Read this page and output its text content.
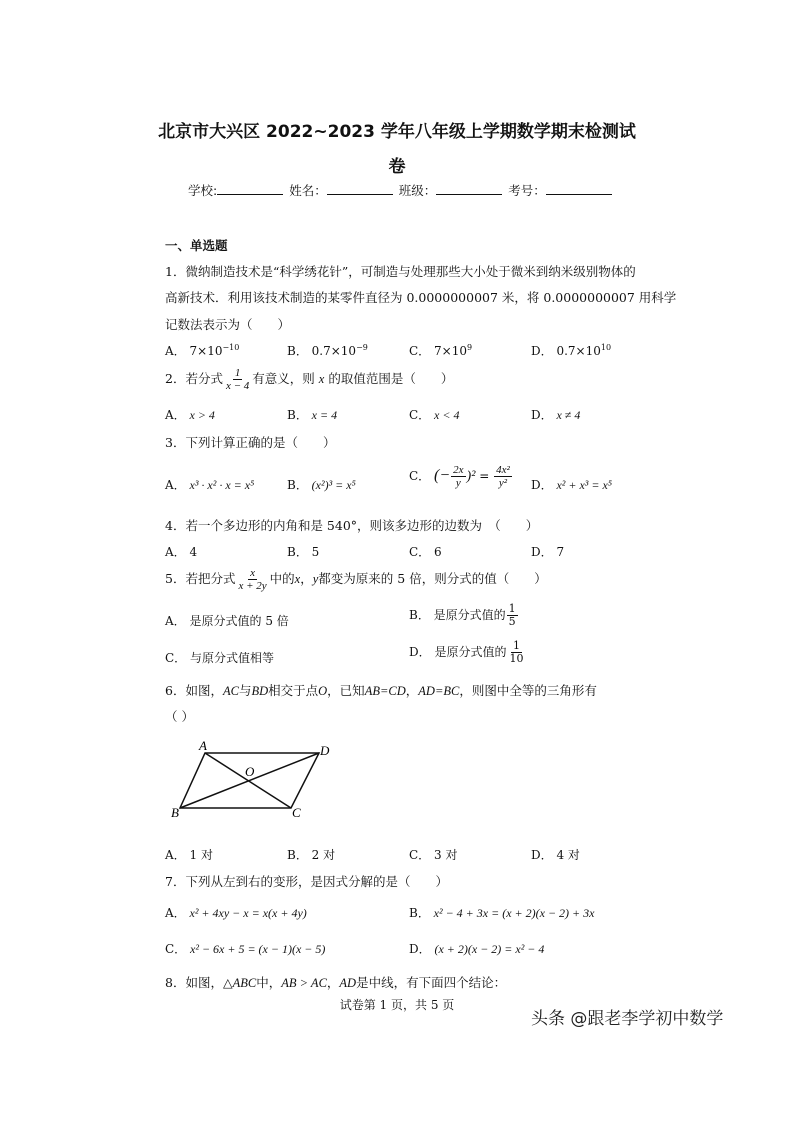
北京市大兴区 2022~2023 学年八年级上学期数学期末检测试
卷
学校:	姓名：	班级：	考号：
一、单选题
1．微纳制造技术是“科学绣花针”，可制造与处理那些大小处于微米到纳米级别物体的
高新技术．利用该技术制造的某零件直径为 0.0000000007 米，将 0.0000000007 用科学
记数法表示为（　　）
A． $7\times 10^{-10}$	B． $0.7\times 10^{-9}$	C． $7\times 10^9$	D． $0.7\times 10^{10}$
2．若分式 $\frac{1}{x - 4}$ 有意义，则 x 的取值范围是（　　）
A． x > 4	B． x = 4	C． x < 4	D． x ≠ 4
3．下列计算正确的是（　　）
A． x³ · x² · x = x⁵	B． (x²)³ = x⁵
C． (− $\frac{2x}{y} )^2 = \frac{\text{4x²}}{\text{y²}}$ D． x² + x³ = x⁵
4．若一个多边形的内角和是 540°，则该多边形的边数为　（　　）
A． 4	B． 5	C． 6	D． 7
5．若把分式 $\frac{x}{x + 2y}$ 中的x，y都变为原来的 5 倍，则分式的值（　　）
A． 是原分式值的 5 倍	B． 是原分式值的 $\frac{1}{5}$
C． 与原分式值相等	D． 是原分式值的 $\frac{1}{10}$
6．如图，AC与BD相交于点O，已知AB=CD，AD=BC，则图中全等的三角形有
（ ）
A	D
O
B	C
A． 1 对	B． 2 对	C． 3 对	D． 4 对
7．下列从左到右的变形，是因式分解的是（　　）
A． x² + 4xy − x = x(x + 4y)	B． x² − 4 + 3x = (x + 2)(x − 2) + 3x
C． x² − 6x + 5 = (x − 1)(x − 5)	D． (x + 2)(x − 2) = x² − 4
8．如图，△ABC中，AB > AC，AD是中线，有下面四个结论：
试卷第 1 页，共 5 页
头条 @跟老李学初中数学
